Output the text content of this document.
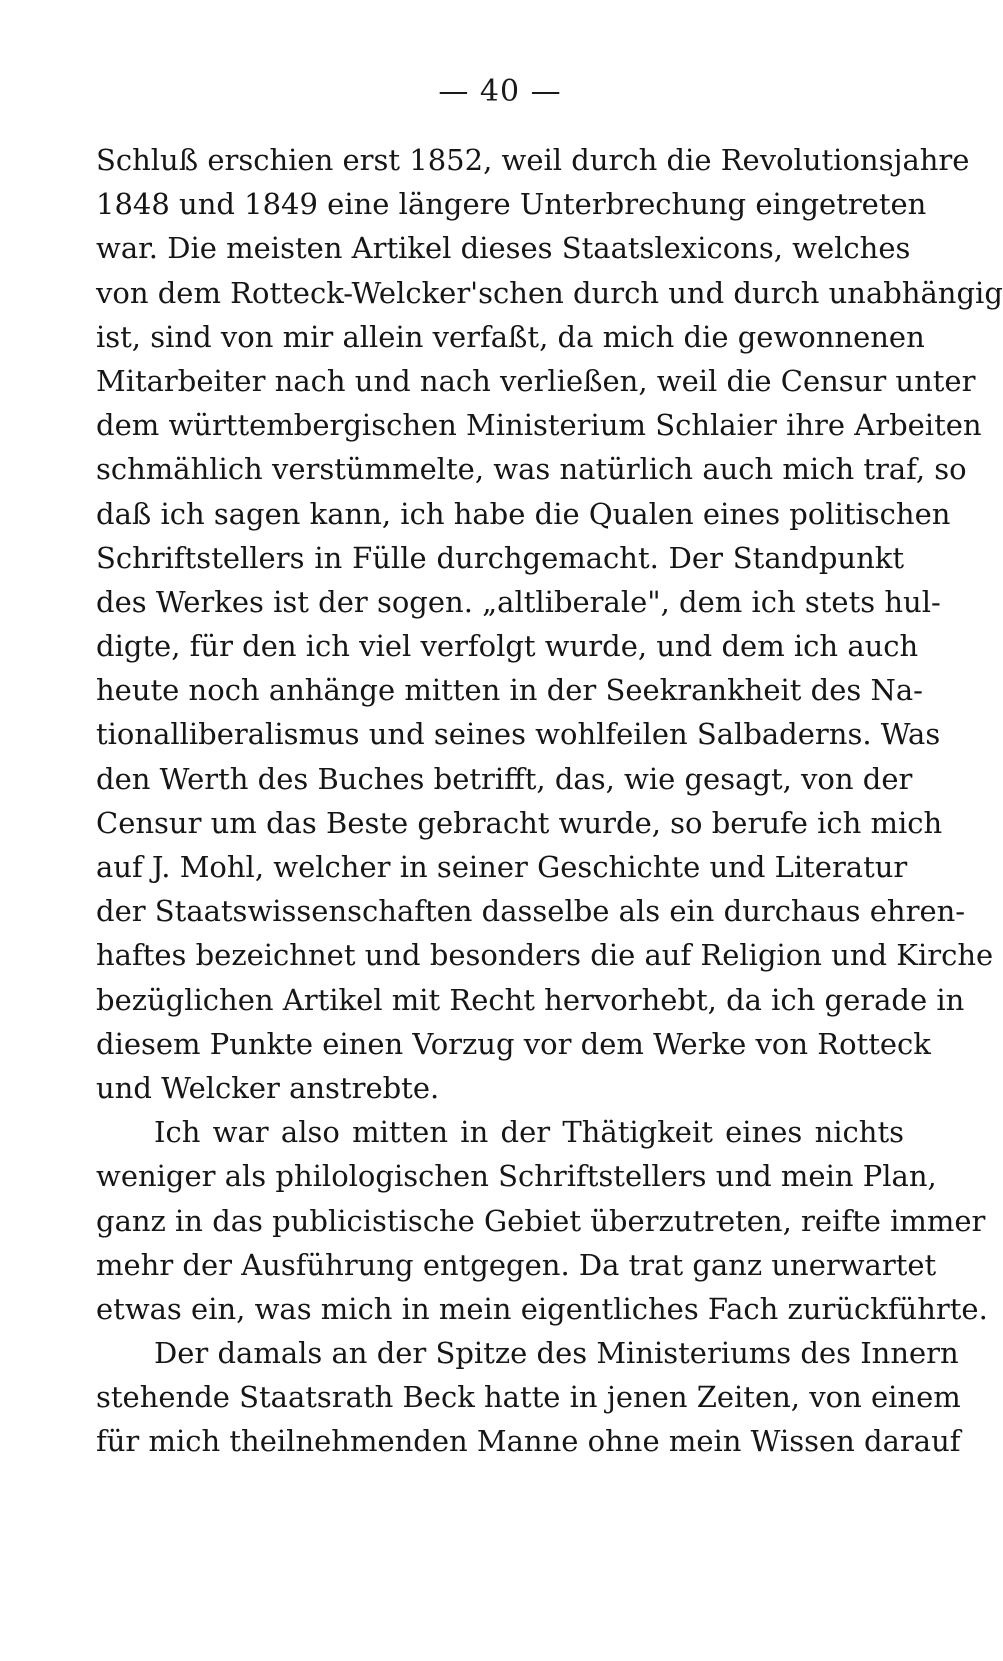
— 40 —
Schluß erschien erst 1852, weil durch die Revolutionsjahre
1848 und 1849 eine längere Unterbrechung eingetreten
war. Die meisten Artikel dieses Staatslexicons, welches
von dem Rotteck-Welcker'schen durch und durch unabhängig
ist, sind von mir allein verfaßt, da mich die gewonnenen
Mitarbeiter nach und nach verließen, weil die Censur unter
dem württembergischen Ministerium Schlaier ihre Arbeiten
schmählich verstümmelte, was natürlich auch mich traf, so
daß ich sagen kann, ich habe die Qualen eines politischen
Schriftstellers in Fülle durchgemacht. Der Standpunkt
des Werkes ist der sogen. „altliberale", dem ich stets hul-
digte, für den ich viel verfolgt wurde, und dem ich auch
heute noch anhänge mitten in der Seekrankheit des Na-
tionalliberalismus und seines wohlfeilen Salbaderns. Was
den Werth des Buches betrifft, das, wie gesagt, von der
Censur um das Beste gebracht wurde, so berufe ich mich
auf J. Mohl, welcher in seiner Geschichte und Literatur
der Staatswissenschaften dasselbe als ein durchaus ehren-
haftes bezeichnet und besonders die auf Religion und Kirche
bezüglichen Artikel mit Recht hervorhebt, da ich gerade in
diesem Punkte einen Vorzug vor dem Werke von Rotteck
und Welcker anstrebte.
Ich war also mitten in der Thätigkeit eines nichts
weniger als philologischen Schriftstellers und mein Plan,
ganz in das publicistische Gebiet überzutreten, reifte immer
mehr der Ausführung entgegen. Da trat ganz unerwartet
etwas ein, was mich in mein eigentliches Fach zurückführte.
Der damals an der Spitze des Ministeriums des Innern
stehende Staatsrath Beck hatte in jenen Zeiten, von einem
für mich theilnehmenden Manne ohne mein Wissen darauf
